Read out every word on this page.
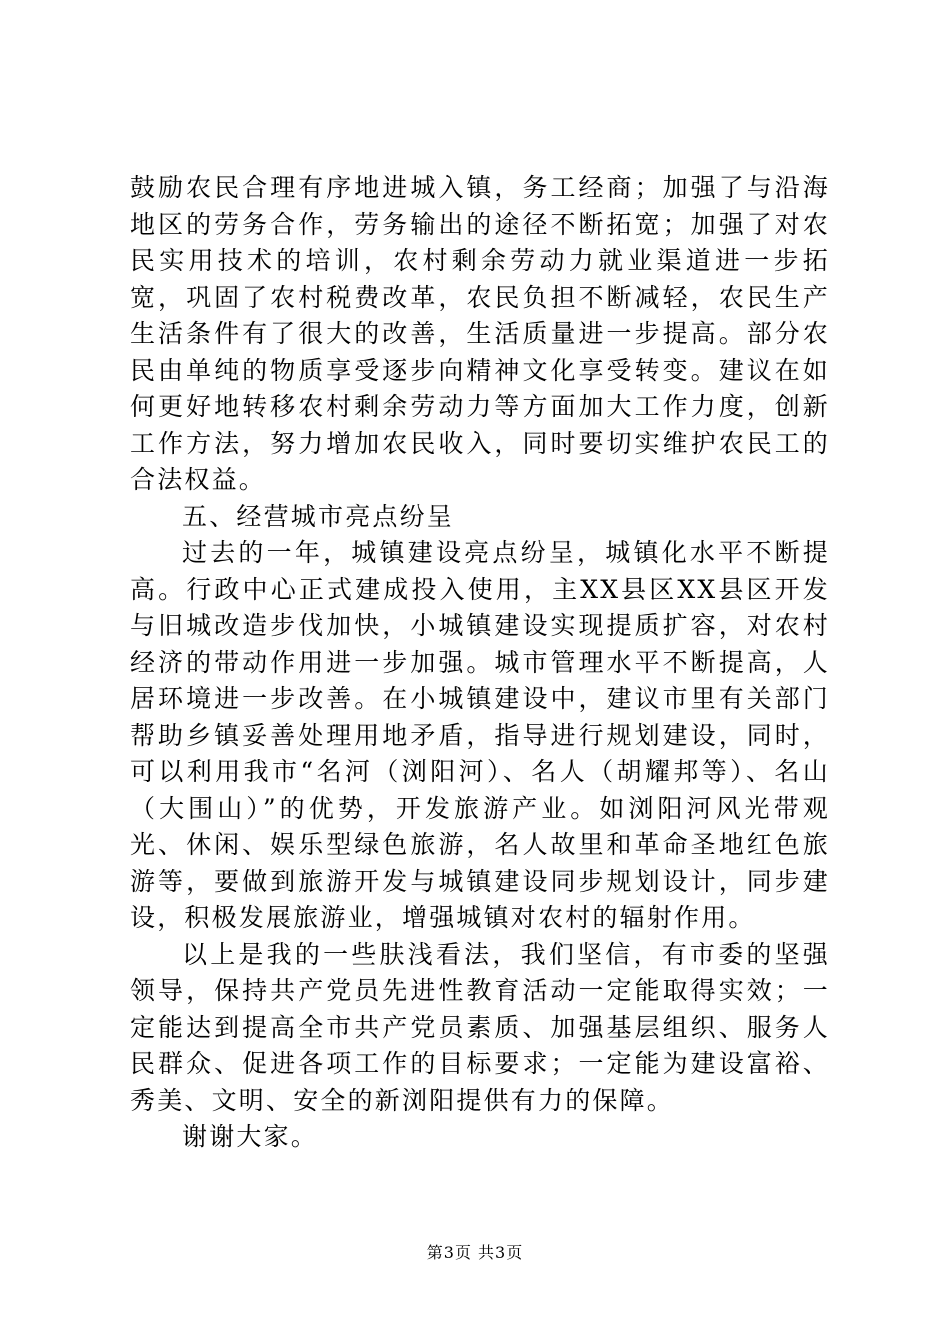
鼓励农民合理有序地进城入镇，务工经商；加强了与沿海地区的劳务合作，劳务输出的途径不断拓宽；加强了对农民实用技术的培训，农村剩余劳动力就业渠道进一步拓宽，巩固了农村税费改革，农民负担不断减轻，农民生产生活条件有了很大的改善，生活质量进一步提高。部分农民由单纯的物质享受逐步向精神文化享受转变。建议在如何更好地转移农村剩余劳动力等方面加大工作力度，创新工作方法，努力增加农民收入，同时要切实维护农民工的合法权益。

五、经营城市亮点纷呈

过去的一年，城镇建设亮点纷呈，城镇化水平不断提高。行政中心正式建成投入使用，主XX县区XX县区开发与旧城改造步伐加快，小城镇建设实现提质扩容，对农村经济的带动作用进一步加强。城市管理水平不断提高，人居环境进一步改善。在小城镇建设中，建议市里有关部门帮助乡镇妥善处理用地矛盾，指导进行规划建设，同时，可以利用我市“名河（浏阳河）、名人（胡耀邦等）、名山（大围山）”的优势，开发旅游产业。如浏阳河风光带观光、休闲、娱乐型绿色旅游，名人故里和革命圣地红色旅游等，要做到旅游开发与城镇建设同步规划设计，同步建设，积极发展旅游业，增强城镇对农村的辐射作用。

以上是我的一些肤浅看法，我们坚信，有市委的坚强领导，保持共产党员先进性教育活动一定能取得实效；一定能达到提高全市共产党员素质、加强基层组织、服务人民群众、促进各项工作的目标要求；一定能为建设富裕、秀美、文明、安全的新浏阳提供有力的保障。

谢谢大家。

第3页 共3页
